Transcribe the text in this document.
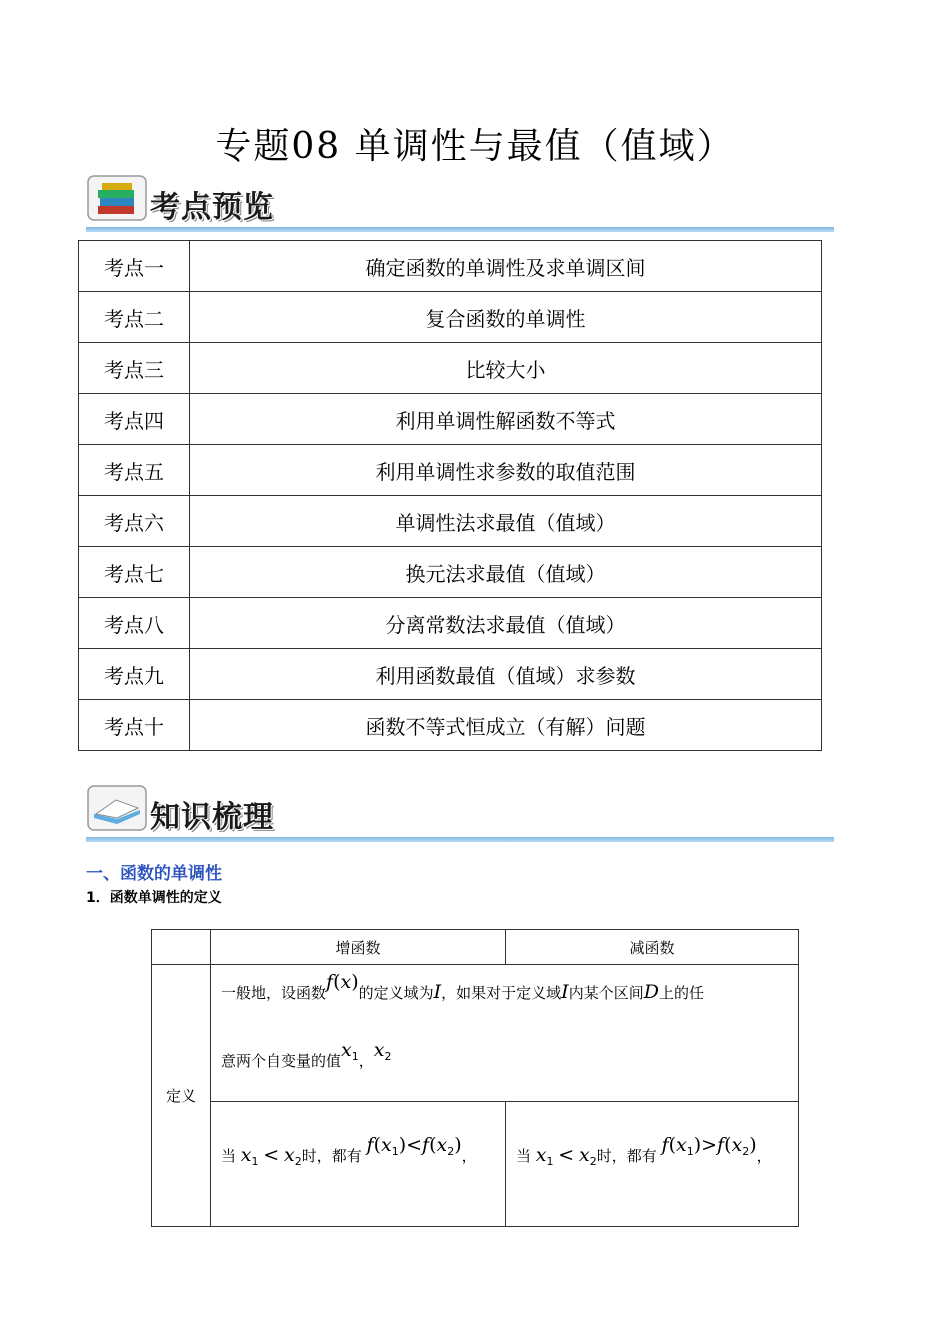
专题08 单调性与最值（值域）
考点预览
考点一	确定函数的单调性及求单调区间
考点二	复合函数的单调性
考点三	比较大小
考点四	利用单调性解函数不等式
考点五	利用单调性求参数的取值范围
考点六	单调性法求最值（值域）
考点七	换元法求最值（值域）
考点八	分离常数法求最值（值域）
考点九	利用函数最值（值域）求参数
考点十	函数不等式恒成立（有解）问题
知识梳理
一、函数的单调性
1．函数单调性的定义
	增函数	减函数
定义	一般地，设函数f(x)的定义域为I，如果对于定义域I内某个区间D上的任
意两个自变量的值$x_1$，$x_2$

	当 $x_1 < x_2$时，都有 $f(x_1)<f(x_2)$，	当 $x_1 < x_2$时，都有 $f(x_1)>f(x_2)$，
